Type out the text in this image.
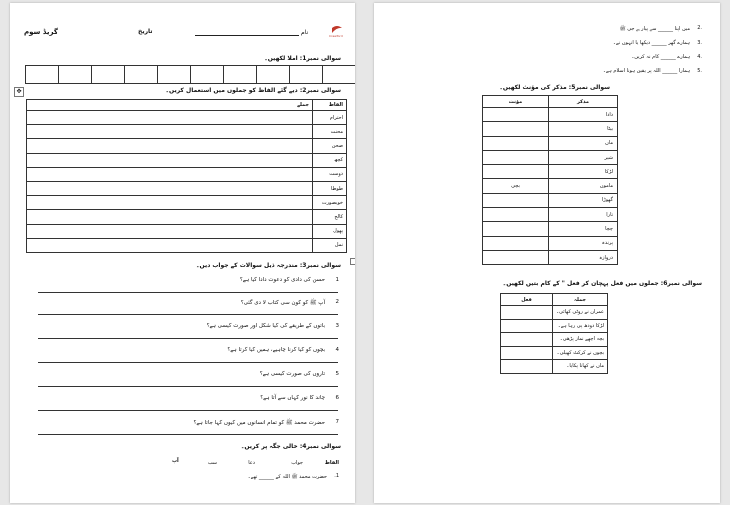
گریڈ سوم	تاریخ	نام	Crawford
سوالی نمبر1: املا لکھیں۔
✥	سوالی نمبر2: دیے گئے الفاظ کو جملوں میں استعمال کریں۔
الفاظ	جملے
احترام	
محنت	
صحن	
کچھ	
دوست	
طوطا	
خوبصورت	
کالج	
پھول	
نمل	
سوالی نمبر3: مندرجہ ذیل سوالات کے جواب دیں۔
1
حسن کی دادی کو دعوت دادا کیا ہے؟
2
آپ ﷺ کو کون سی کتاب لا دی گئی؟
3
باتوں کے طریقے کی کیا شکل اور صورت کیسی ہے؟
4
بچوں کو کیا کرنا چاہیے، ہمیں کیا کرتا ہے؟
5
تاروں کی صورت کیسی ہے؟
6
چاند کا نور کہاں سے آتا ہے؟
7
حضرت محمد ﷺ کو تمام انسانوں میں کیوں کہا جاتا ہے؟
سوالی نمبر4: خالی جگہ پر کریں۔
الفاظ
جواب
دعا
سب
آپ
1.
حضرت محمد ﷺ اللہ کے ______ تھے۔
2.
میں اپنا ______ سے پیار ہے جی ﷺ
3.
ہمارے گھر ______ دیکھا یا انہوں نے۔
4.
ہمارے ______ کام نہ کریں۔
5.
ہمارا ______ اللہ پر یقین ہونا اسلام ہے۔
سوالی نمبر5: مذکر کی مؤنث لکھیں۔
مذکر	مؤنث
دادا	
بیٹا	
ماں	
شیر	
لڑکا	
ماموں	بچی
گھوڑا	
تارا	
چچا	
پرندہ	
دروازہ	
سوالی نمبر6: جملوں میں فعل پہچان کر فعل " کے کام بتیں لکھیں۔
جملہ	فعل
عمران نے روٹی کھائی۔	
لڑکا دودھ پی رہا ہے۔	
بچہ اچھے نماز پڑھی۔	
بچوں نے کرکٹ کھیلی۔	
ماں نے کھانا پکایا۔	
